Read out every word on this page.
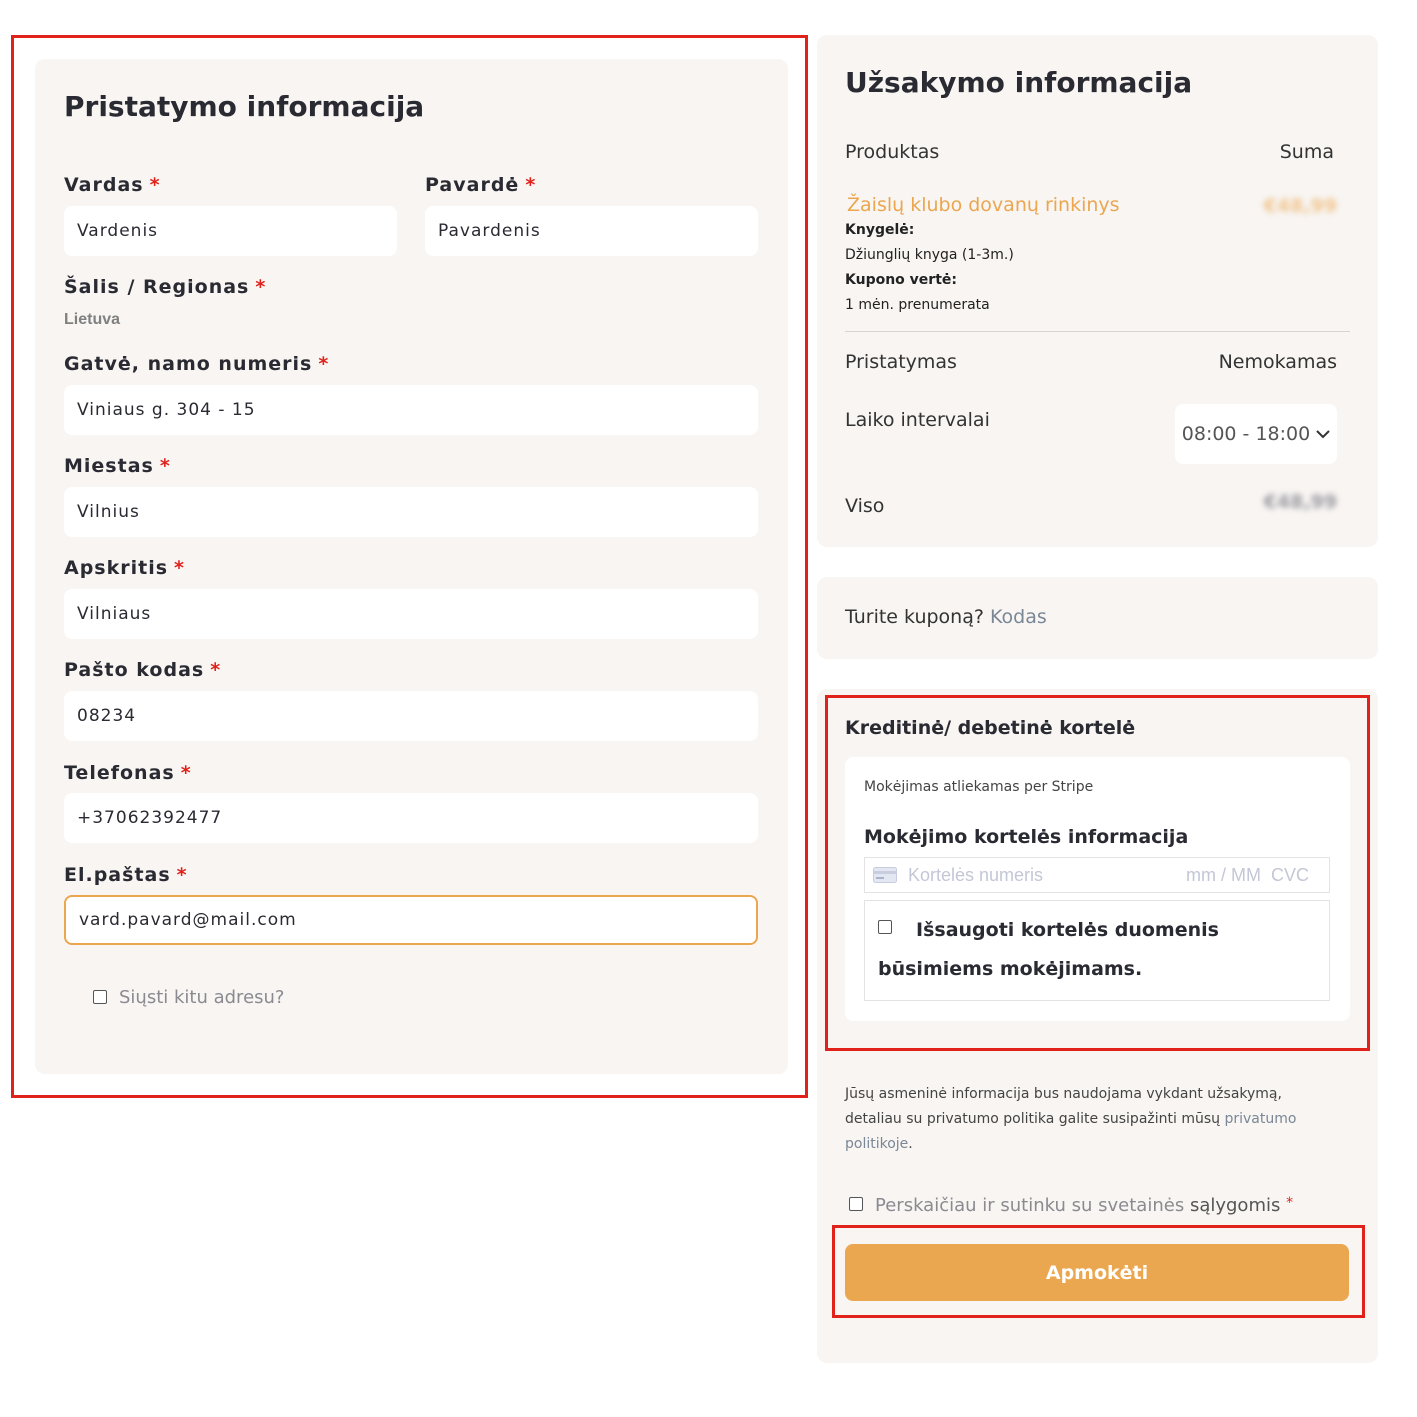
Pristatymo informacija
Vardas *
Vardenis
Pavardė *
Pavardenis
Šalis / Regionas *
Lietuva
Gatvė, namo numeris *
Viniaus g. 304 - 15
Miestas *
Vilnius
Apskritis *
Vilniaus
Pašto kodas *
08234
Telefonas *
+37062392477
El.paštas *
vard.pavard@mail.com
Siųsti kitu adresu?
Užsakymo informacija
Produktas	Suma
Žaislų klubo dovanų rinkinys	€48,99
Knygelė:
Džiunglių knyga (1-3m.)
Kupono vertė:
1 mėn. prenumerata
Pristatymas	Nemokamas
Laiko intervalai
08:00 - 18:00
Viso	€48,99
Turite kuponą? Kodas
Kreditinė/ debetinė kortelė
Mokėjimas atliekamas per Stripe
Mokėjimo kortelės informacija
Kortelės numeris	mm / MM CVC
Išsaugoti kortelės duomenis būsimiems mokėjimams.
Jūsų asmeninė informacija bus naudojama vykdant užsakymą, detaliau su privatumo politika galite susipažinti mūsų privatumo politikoje.
Perskaičiau ir sutinku su svetainės sąlygomis *
Apmokėti
